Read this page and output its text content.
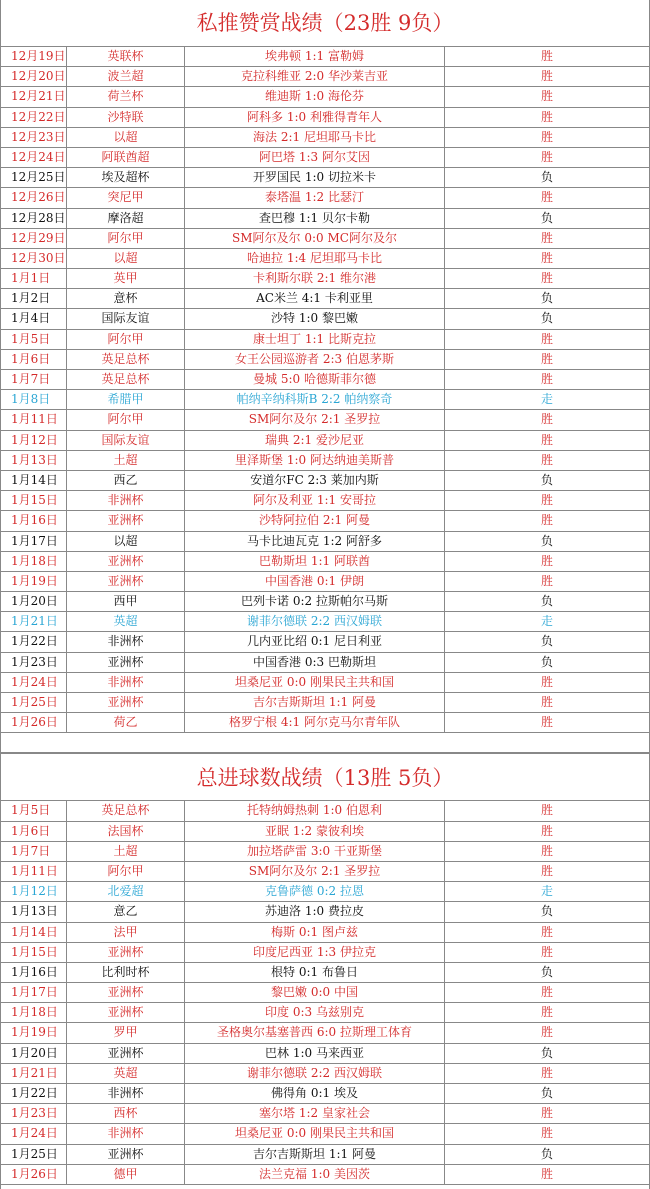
私推赞赏战绩（23胜 9负）
12月19日	英联杯	埃弗顿 1:1 富勒姆	胜
12月20日	波兰超	克拉科维亚 2:0 华沙莱吉亚	胜
12月21日	荷兰杯	维迪斯 1:0 海伦芬	胜
12月22日	沙特联	阿科多 1:0 利雅得青年人	胜
12月23日	以超	海法 2:1 尼坦耶马卡比	胜
12月24日	阿联酋超	阿巴塔 1:3 阿尔艾因	胜
12月25日	埃及超杯	开罗国民 1:0 切拉米卡	负
12月26日	突尼甲	泰塔温 1:2 比瑟汀	胜
12月28日	摩洛超	查巴穆 1:1 贝尔卡勒	负
12月29日	阿尔甲	SM阿尔及尔 0:0 MC阿尔及尔	胜
12月30日	以超	哈迪拉 1:4 尼坦耶马卡比	胜
1月1日	英甲	卡利斯尔联 2:1 维尔港	胜
1月2日	意杯	AC米兰 4:1 卡利亚里	负
1月4日	国际友谊	沙特 1:0 黎巴嫩	负
1月5日	阿尔甲	康士坦丁 1:1 比斯克拉	胜
1月6日	英足总杯	女王公园巡游者 2:3 伯恩茅斯	胜
1月7日	英足总杯	曼城 5:0 哈德斯菲尔德	胜
1月8日	希腊甲	帕纳辛纳科斯B 2:2 帕纳察奇	走
1月11日	阿尔甲	SM阿尔及尔 2:1 圣罗拉	胜
1月12日	国际友谊	瑞典 2:1 爱沙尼亚	胜
1月13日	土超	里泽斯堡 1:0 阿达纳迪美斯普	胜
1月14日	西乙	安道尔FC 2:3 莱加内斯	负
1月15日	非洲杯	阿尔及利亚 1:1 安哥拉	胜
1月16日	亚洲杯	沙特阿拉伯 2:1 阿曼	胜
1月17日	以超	马卡比迪瓦克 1:2 阿舒多	负
1月18日	亚洲杯	巴勒斯坦 1:1 阿联酋	胜
1月19日	亚洲杯	中国香港 0:1 伊朗	胜
1月20日	西甲	巴列卡诺 0:2 拉斯帕尔马斯	负
1月21日	英超	谢菲尔德联 2:2 西汉姆联	走
1月22日	非洲杯	几内亚比绍 0:1 尼日利亚	负
1月23日	亚洲杯	中国香港 0:3 巴勒斯坦	负
1月24日	非洲杯	坦桑尼亚 0:0 刚果民主共和国	胜
1月25日	亚洲杯	吉尔吉斯斯坦 1:1 阿曼	胜
1月26日	荷乙	格罗宁根 4:1 阿尔克马尔青年队	胜
总进球数战绩（13胜 5负）
1月5日	英足总杯	托特纳姆热刺 1:0 伯恩利	胜
1月6日	法国杯	亚眠 1:2 蒙彼利埃	胜
1月7日	土超	加拉塔萨雷 3:0 干亚斯堡	胜
1月11日	阿尔甲	SM阿尔及尔 2:1 圣罗拉	胜
1月12日	北爱超	克鲁萨德 0:2 拉恩	走
1月13日	意乙	苏迪洛 1:0 费拉皮	负
1月14日	法甲	梅斯 0:1 图卢兹	胜
1月15日	亚洲杯	印度尼西亚 1:3 伊拉克	胜
1月16日	比利时杯	根特 0:1 布鲁日	负
1月17日	亚洲杯	黎巴嫩 0:0 中国	胜
1月18日	亚洲杯	印度 0:3 乌兹别克	胜
1月19日	罗甲	圣格奥尔基塞普西 6:0 拉斯理工体育	胜
1月20日	亚洲杯	巴林 1:0 马来西亚	负
1月21日	英超	谢菲尔德联 2:2 西汉姆联	胜
1月22日	非洲杯	佛得角 0:1 埃及	负
1月23日	西杯	塞尔塔 1:2 皇家社会	胜
1月24日	非洲杯	坦桑尼亚 0:0 刚果民主共和国	胜
1月25日	亚洲杯	吉尔吉斯斯坦 1:1 阿曼	负
1月26日	德甲	法兰克福 1:0 美因茨	胜
